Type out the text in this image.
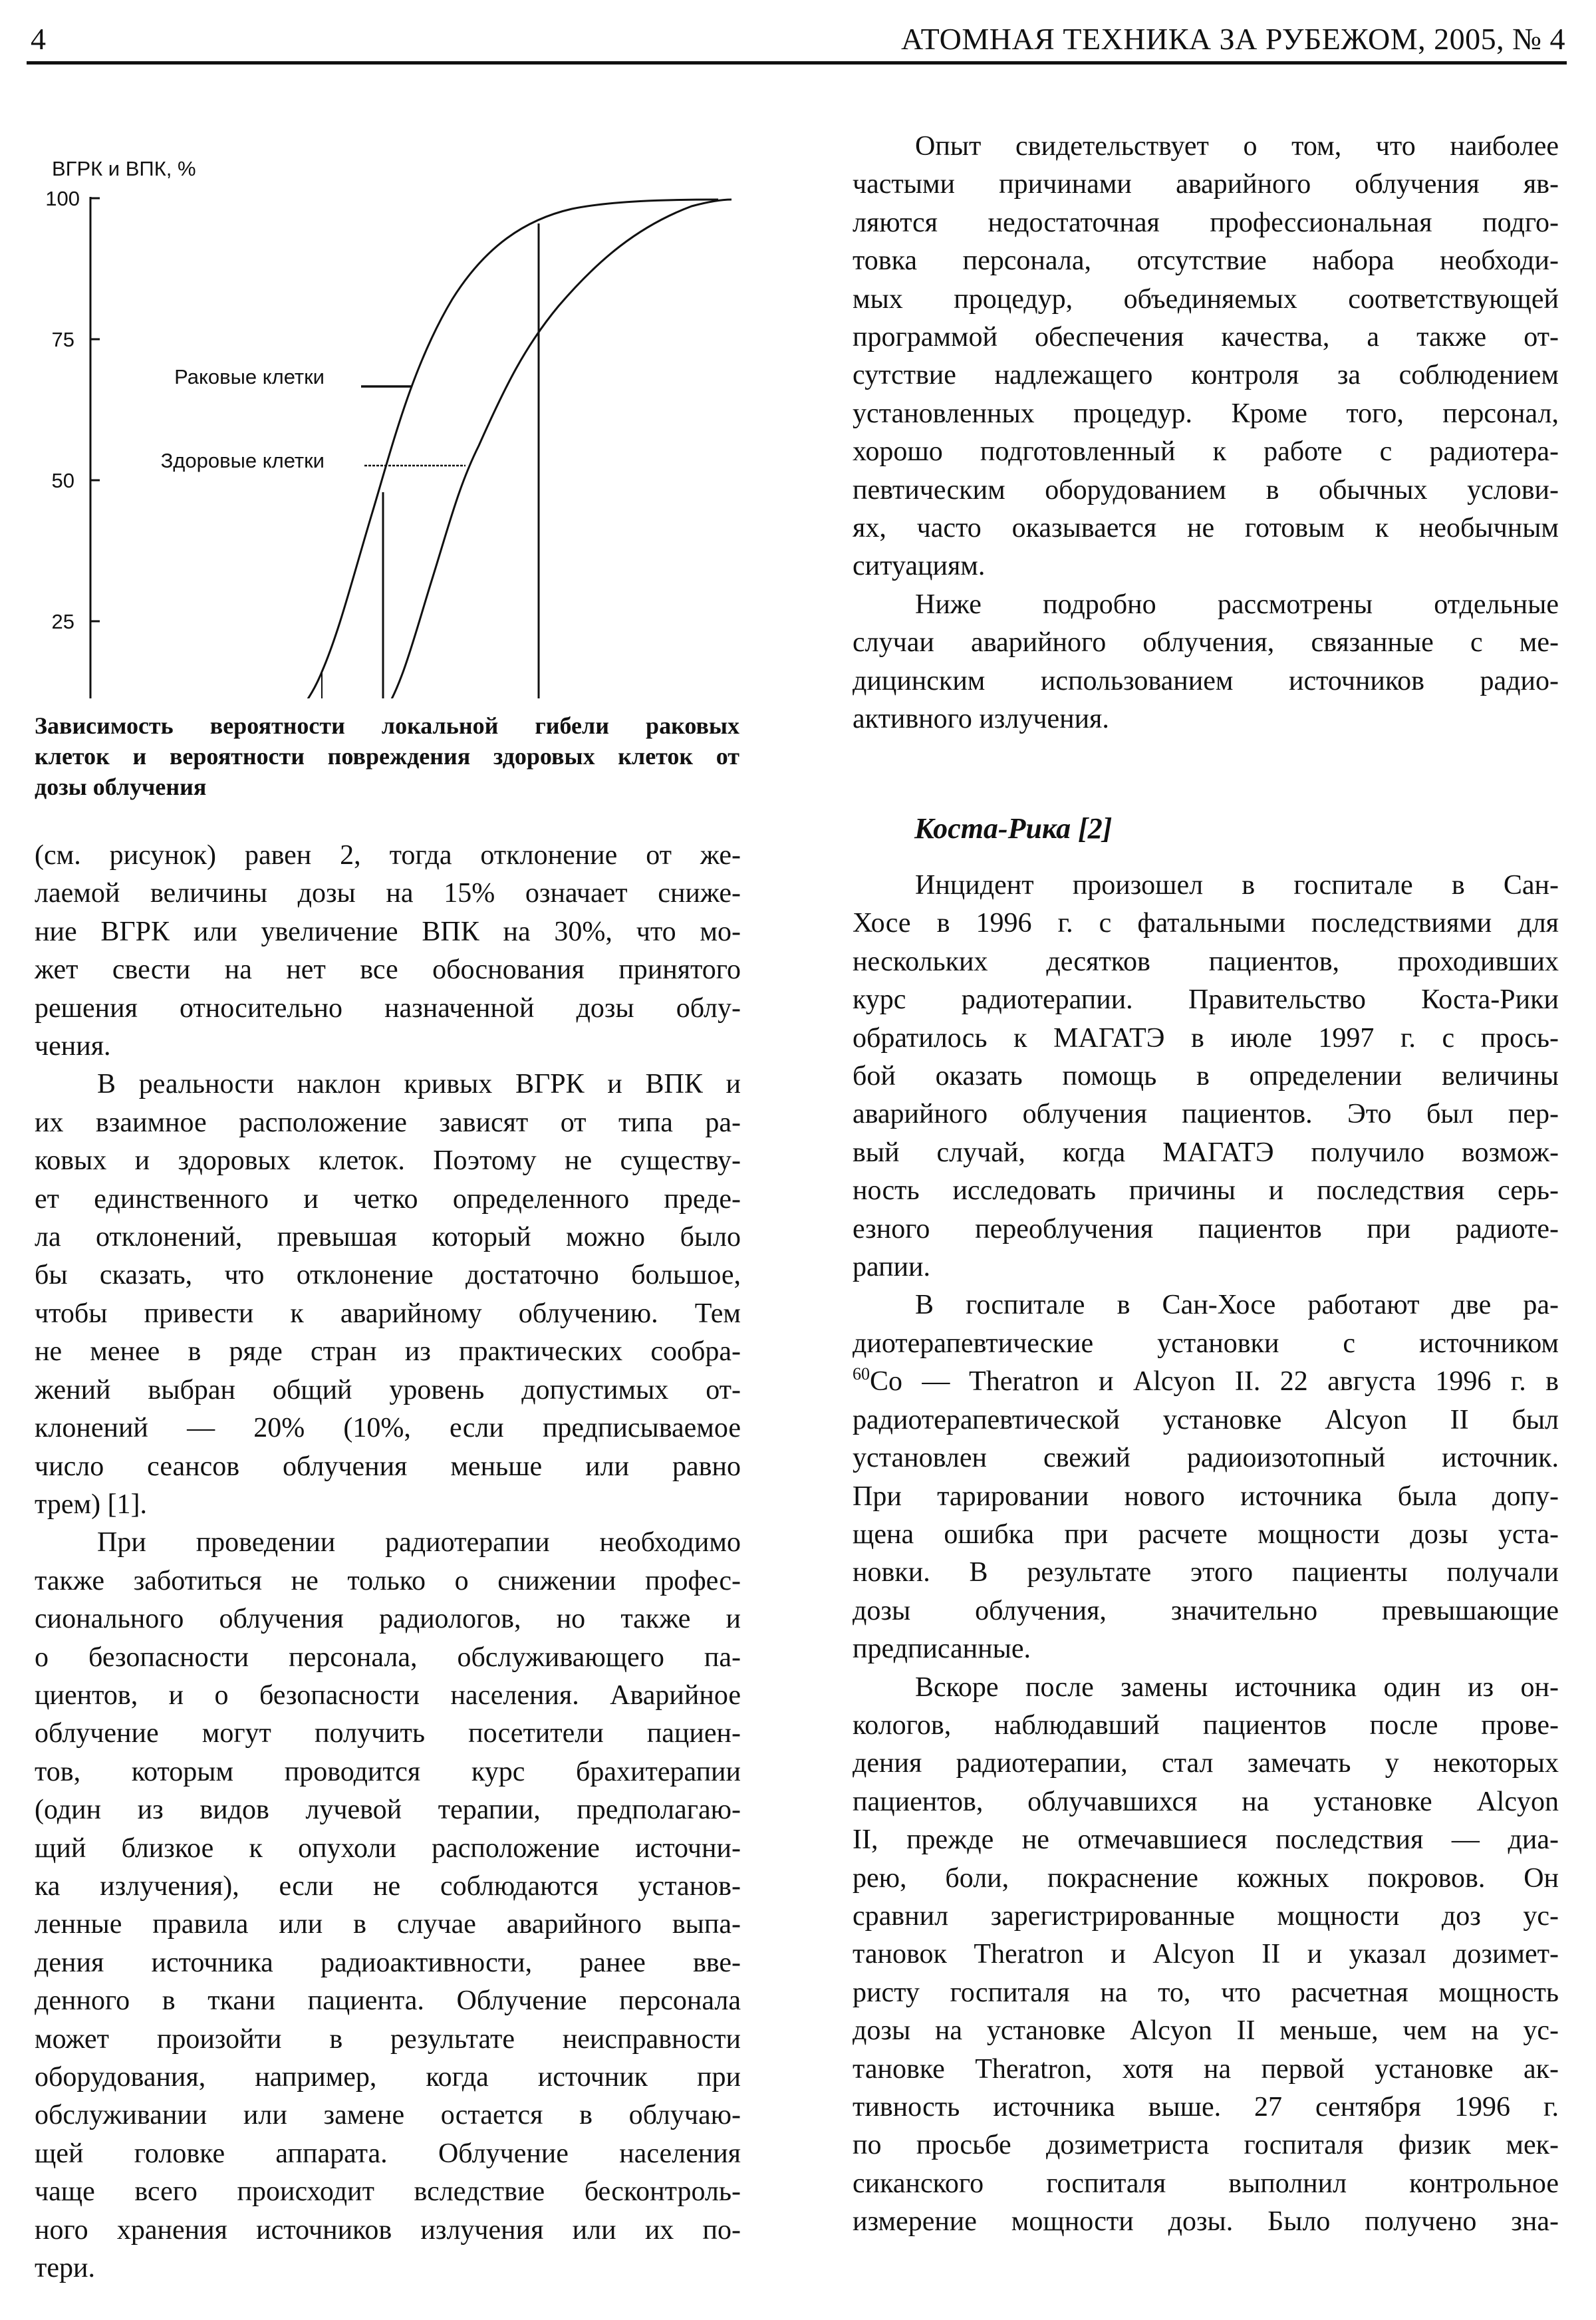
4	АТОМНАЯ ТЕХНИКА ЗА РУБЕЖОМ, 2005, № 4
ВГРК и ВПК, %
100
75
50
25
Раковые клетки
Здоровые клетки
Зависимость вероятности локальной гибели раковых
клеток и вероятности повреждения здоровых клеток от
дозы облучения
(см. рисунок) равен 2, тогда отклонение от же-
лаемой величины дозы на 15% означает сниже-
ние ВГРК или увеличение ВПК на 30%, что мо-
жет свести на нет все обоснования принятого
решения относительно назначенной дозы облу-
чения.
В реальности наклон кривых ВГРК и ВПК и
их взаимное расположение зависят от типа ра-
ковых и здоровых клеток. Поэтому не существу-
ет единственного и четко определенного преде-
ла отклонений, превышая который можно было
бы сказать, что отклонение достаточно большое,
чтобы привести к аварийному облучению. Тем
не менее в ряде стран из практических сообра-
жений выбран общий уровень допустимых от-
клонений — 20% (10%, если предписываемое
число сеансов облучения меньше или равно
трем) [1].
При проведении радиотерапии необходимо
также заботиться не только о снижении профес-
сионального облучения радиологов, но также и
о безопасности персонала, обслуживающего па-
циентов, и о безопасности населения. Аварийное
облучение могут получить посетители пациен-
тов, которым проводится курс брахитерапии
(один из видов лучевой терапии, предполагаю-
щий близкое к опухоли расположение источни-
ка излучения), если не соблюдаются установ-
ленные правила или в случае аварийного выпа-
дения источника радиоактивности, ранее вве-
денного в ткани пациента. Облучение персонала
может произойти в результате неисправности
оборудования, например, когда источник при
обслуживании или замене остается в облучаю-
щей головке аппарата. Облучение населения
чаще всего происходит вследствие бесконтроль-
ного хранения источников излучения или их по-
тери.
Опыт свидетельствует о том, что наиболее
частыми причинами аварийного облучения яв-
ляются недостаточная профессиональная подго-
товка персонала, отсутствие набора необходи-
мых процедур, объединяемых соответствующей
программой обеспечения качества, а также от-
сутствие надлежащего контроля за соблюдением
установленных процедур. Кроме того, персонал,
хорошо подготовленный к работе с радиотера-
певтическим оборудованием в обычных услови-
ях, часто оказывается не готовым к необычным
ситуациям.
Ниже подробно рассмотрены отдельные
случаи аварийного облучения, связанные с ме-
дицинским использованием источников радио-
активного излучения.
Коста-Рика [2]
Инцидент произошел в госпитале в Сан-
Хосе в 1996 г. с фатальными последствиями для
нескольких десятков пациентов, проходивших
курс радиотерапии. Правительство Коста-Рики
обратилось к МАГАТЭ в июле 1997 г. с прось-
бой оказать помощь в определении величины
аварийного облучения пациентов. Это был пер-
вый случай, когда МАГАТЭ получило возмож-
ность исследовать причины и последствия серь-
езного переоблучения пациентов при радиоте-
рапии.
В госпитале в Сан-Хосе работают две ра-
диотерапевтические установки с источником
$^{60}$Co — Theratron и Alcyon II. 22 августа 1996 г. в
радиотерапевтической установке Alcyon II был
установлен свежий радиоизотопный источник.
При тарировании нового источника была допу-
щена ошибка при расчете мощности дозы уста-
новки. В результате этого пациенты получали
дозы облучения, значительно превышающие
предписанные.
Вскоре после замены источника один из он-
кологов, наблюдавший пациентов после прове-
дения радиотерапии, стал замечать у некоторых
пациентов, облучавшихся на установке Alcyon
II, прежде не отмечавшиеся последствия — диа-
рею, боли, покраснение кожных покровов. Он
сравнил зарегистрированные мощности доз ус-
тановок Theratron и Alcyon II и указал дозимет-
ристу госпиталя на то, что расчетная мощность
дозы на установке Alcyon II меньше, чем на ус-
тановке Theratron, хотя на первой установке ак-
тивность источника выше. 27 сентября 1996 г.
по просьбе дозиметриста госпиталя физик мек-
сиканского госпиталя выполнил контрольное
измерение мощности дозы. Было получено зна-
